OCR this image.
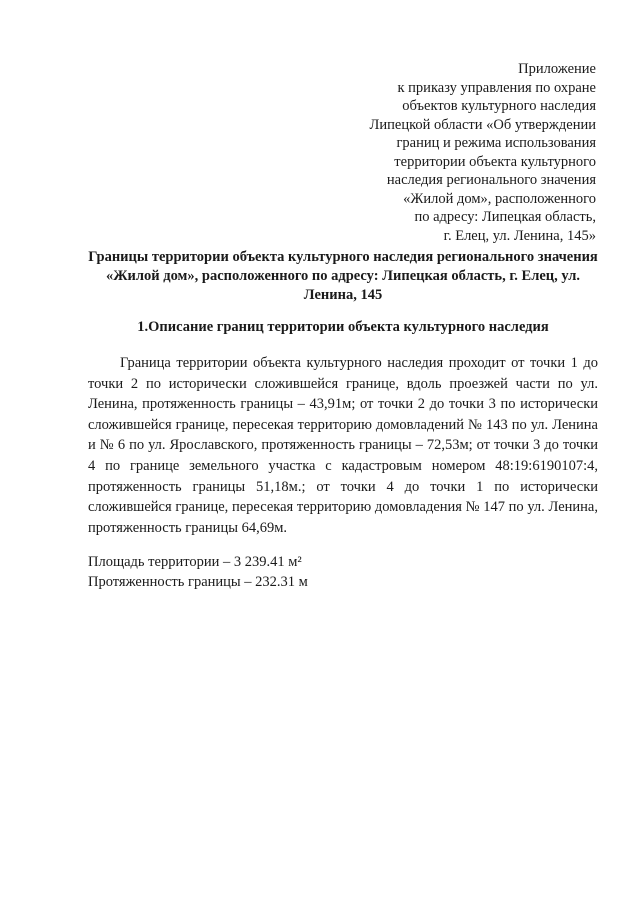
Приложение
к приказу управления по охране
объектов культурного наследия
Липецкой области «Об утверждении
границ и режима использования
территории объекта культурного
наследия регионального значения
«Жилой дом», расположенного
по адресу: Липецкая область,
г. Елец, ул. Ленина, 145»
Границы территории объекта культурного наследия регионального значения «Жилой дом», расположенного по адресу: Липецкая область, г. Елец, ул. Ленина, 145
1.Описание границ территории объекта культурного наследия

Граница территории объекта культурного наследия проходит от точки 1 до точки 2 по исторически сложившейся границе, вдоль проезжей части по ул. Ленина, протяженность границы – 43,91м; от точки 2 до точки 3 по исторически сложившейся границе, пересекая территорию домовладений № 143 по ул. Ленина и № 6 по ул. Ярославского, протяженность границы – 72,53м; от точки 3 до точки 4 по границе земельного участка с кадастровым номером 48:19:6190107:4, протяженность границы 51,18м.; от точки 4 до точки 1 по исторически сложившейся границе, пересекая территорию домовладения № 147 по ул. Ленина, протяженность границы 64,69м.

Площадь территории – 3 239.41 м²
Протяженность границы – 232.31 м
